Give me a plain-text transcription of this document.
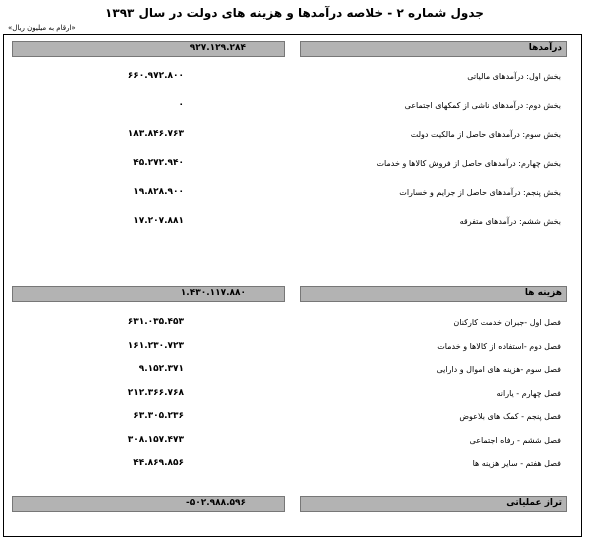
جدول شماره ۲ - خلاصه درآمدها و هزینه های دولت در سال ۱۳۹۳
«ارقام به میلیون ریال»
درآمدها
۹۲۷.۱۲۹.۲۸۴
بخش اول: درآمدهای مالیاتی
۶۶۰.۹۷۲.۸۰۰
بخش دوم: درآمدهای ناشی از کمکهای اجتماعی
۰
بخش سوم: درآمدهای حاصل از مالکیت دولت
۱۸۳.۸۴۶.۷۶۳
بخش چهارم: درآمدهای حاصل از فروش کالاها و خدمات
۴۵.۲۷۲.۹۴۰
بخش پنجم: درآمدهای حاصل از جرایم و خسارات
۱۹.۸۲۸.۹۰۰
بخش ششم: درآمدهای متفرقه
۱۷.۲۰۷.۸۸۱
هزینه ها
۱.۴۳۰.۱۱۷.۸۸۰
فصل اول -جبران خدمت کارکنان
۶۳۱.۰۳۵.۴۵۳
فصل دوم -استفاده از کالاها و خدمات
۱۶۱.۲۳۰.۷۲۳
فصل سوم -هزینه های اموال و دارایی
۹.۱۵۲.۳۷۱
فصل چهارم - یارانه
۲۱۲.۳۶۶.۷۶۸
فصل پنجم - کمک های بلاعوض
۶۳.۳۰۵.۲۳۶
فصل ششم - رفاه اجتماعی
۳۰۸.۱۵۷.۴۷۳
فصل هفتم - سایر هزینه ها
۴۴.۸۶۹.۸۵۶
تراز عملیاتی
-۵۰۲.۹۸۸.۵۹۶
